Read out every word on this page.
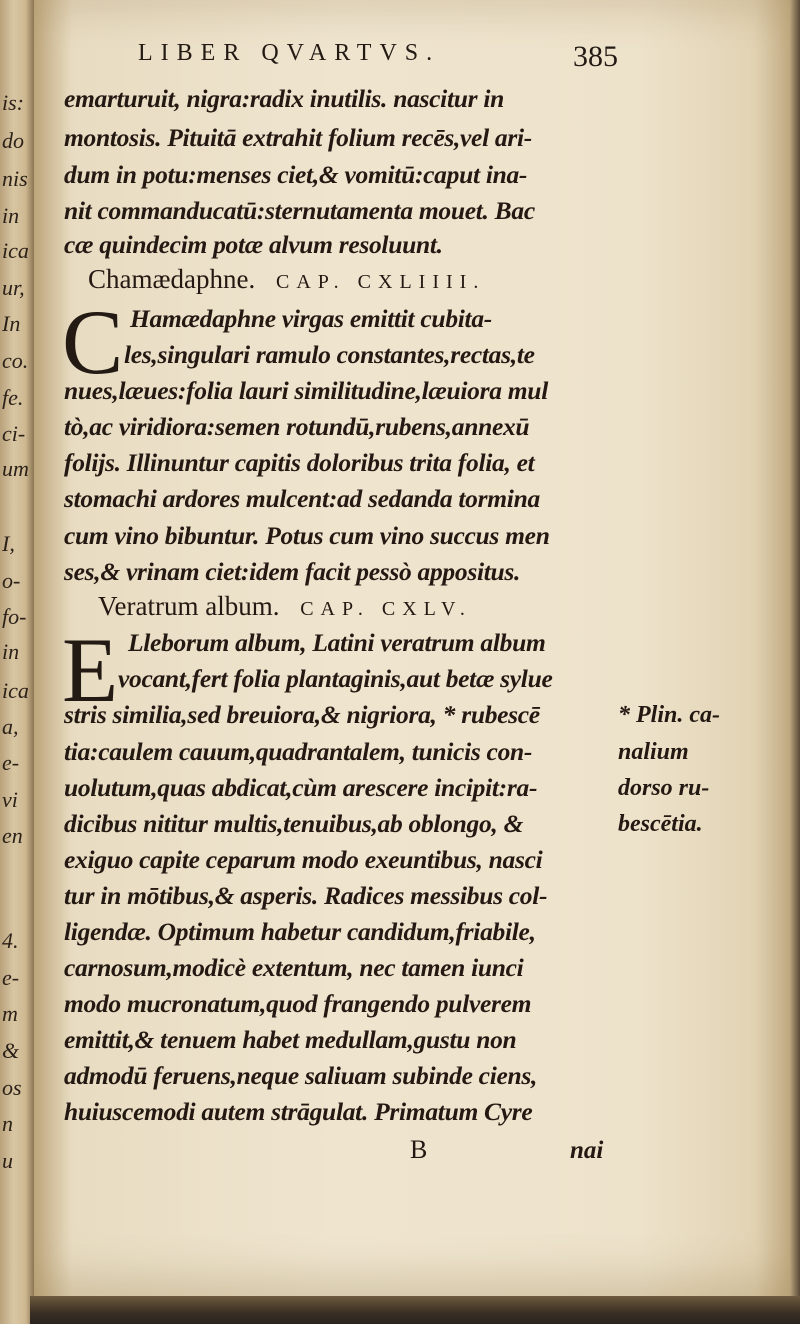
is:
do
nis
in
ica
ur,
In
co.
fe.
ci-
um
I,
o-
fo-
in
ica
a,
e-
vi
en
4.
e-
m
&
os
n
u
LIBER QVARTVS.	385
emarturuit, nigra:radix inutilis. nascitur in
montosis. Pituitā extrahit folium recēs,vel ari-
dum in potu:menses ciet,& vomitū:caput ina-
nit commanducatū:sternutamenta mouet. Bac
cæ quindecim potæ alvum resoluunt.
Chamædaphne. CAP. CXLIIII.
C Hamædaphne virgas emittit cubita-
les,singulari ramulo constantes,rectas,te
nues,læues:folia lauri similitudine,læuiora mul
tò,ac viridiora:semen rotundū,rubens,annexū
folijs. Illinuntur capitis doloribus trita folia, et
stomachi ardores mulcent:ad sedanda tormina
cum vino bibuntur. Potus cum vino succus men
ses,& vrinam ciet:idem facit pessò appositus.
Veratrum album. CAP. CXLV.
E Lleborum album, Latini veratrum album
vocant,fert folia plantaginis,aut betæ sylue
stris similia,sed breuiora,& nigriora, * rubescē
tia:caulem cauum,quadrantalem, tunicis con-
uolutum,quas abdicat,cùm arescere incipit:ra-
dicibus nititur multis,tenuibus,ab oblongo, &
exiguo capite ceparum modo exeuntibus, nasci
tur in mōtibus,& asperis. Radices messibus col-
ligendæ. Optimum habetur candidum,friabile,
carnosum,modicè extentum, nec tamen iunci
modo mucronatum,quod frangendo pulverem
emittit,& tenuem habet medullam,gustu non
admodū feruens,neque saliuam subinde ciens,
huiuscemodi autem strāgulat. Primatum Cyre
* Plin. ca-
nalium
dorso ru-
bescētia.
B	nai
